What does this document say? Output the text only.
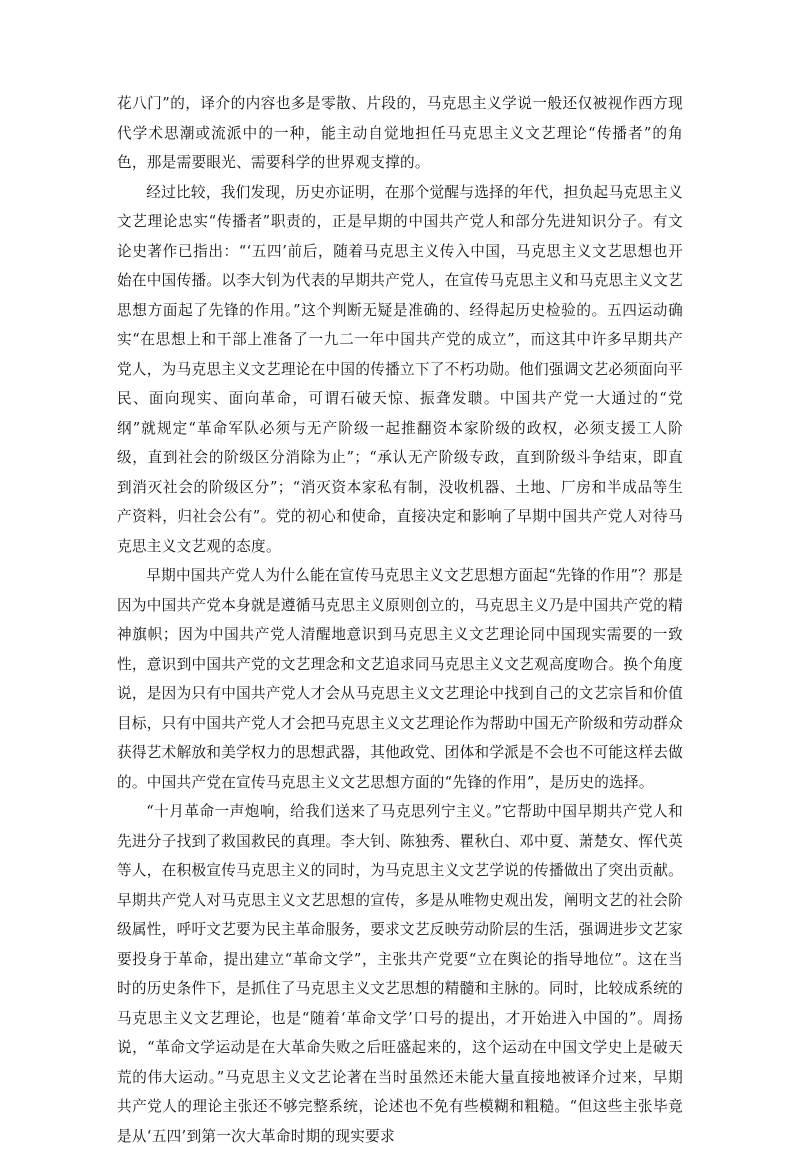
花八门”的，译介的内容也多是零散、片段的，马克思主义学说一般还仅被视作西方现代学术思潮或流派中的一种，能主动自觉地担任马克思主义文艺理论“传播者”的角色，那是需要眼光、需要科学的世界观支撑的。

经过比较，我们发现，历史亦证明，在那个觉醒与选择的年代，担负起马克思主义文艺理论忠实“传播者”职责的，正是早期的中国共产党人和部分先进知识分子。有文论史著作已指出：“‘五四’前后，随着马克思主义传入中国，马克思主义文艺思想也开始在中国传播。以李大钊为代表的早期共产党人，在宣传马克思主义和马克思主义文艺思想方面起了先锋的作用。”这个判断无疑是准确的、经得起历史检验的。五四运动确实“在思想上和干部上准备了一九二一年中国共产党的成立”，而这其中许多早期共产党人，为马克思主义文艺理论在中国的传播立下了不朽功勋。他们强调文艺必须面向平民、面向现实、面向革命，可谓石破天惊、振聋发聩。中国共产党一大通过的“党纲”就规定“革命军队必须与无产阶级一起推翻资本家阶级的政权，必须支援工人阶级，直到社会的阶级区分消除为止”；“承认无产阶级专政，直到阶级斗争结束，即直到消灭社会的阶级区分”；“消灭资本家私有制，没收机器、土地、厂房和半成品等生产资料，归社会公有”。党的初心和使命，直接决定和影响了早期中国共产党人对待马克思主义文艺观的态度。

早期中国共产党人为什么能在宣传马克思主义文艺思想方面起“先锋的作用”？那是因为中国共产党本身就是遵循马克思主义原则创立的，马克思主义乃是中国共产党的精神旗帜；因为中国共产党人清醒地意识到马克思主义文艺理论同中国现实需要的一致性，意识到中国共产党的文艺理念和文艺追求同马克思主义文艺观高度吻合。换个角度说，是因为只有中国共产党人才会从马克思主义文艺理论中找到自己的文艺宗旨和价值目标，只有中国共产党人才会把马克思主义文艺理论作为帮助中国无产阶级和劳动群众获得艺术解放和美学权力的思想武器，其他政党、团体和学派是不会也不可能这样去做的。中国共产党在宣传马克思主义文艺思想方面的“先锋的作用”，是历史的选择。

“十月革命一声炮响，给我们送来了马克思列宁主义。”它帮助中国早期共产党人和先进分子找到了救国救民的真理。李大钊、陈独秀、瞿秋白、邓中夏、萧楚女、恽代英等人，在积极宣传马克思主义的同时，为马克思主义文艺学说的传播做出了突出贡献。早期共产党人对马克思主义文艺思想的宣传，多是从唯物史观出发，阐明文艺的社会阶级属性，呼吁文艺要为民主革命服务，要求文艺反映劳动阶层的生活，强调进步文艺家要投身于革命，提出建立“革命文学”，主张共产党要“立在舆论的指导地位”。这在当时的历史条件下，是抓住了马克思主义文艺思想的精髓和主脉的。同时，比较成系统的马克思主义文艺理论，也是“随着‘革命文学’口号的提出，才开始进入中国的”。周扬说，“革命文学运动是在大革命失败之后旺盛起来的，这个运动在中国文学史上是破天荒的伟大运动。”马克思主义文艺论著在当时虽然还未能大量直接地被译介过来，早期共产党人的理论主张还不够完整系统，论述也不免有些模糊和粗糙。“但这些主张毕竟是从‘五四’到第一次大革命时期的现实要求
